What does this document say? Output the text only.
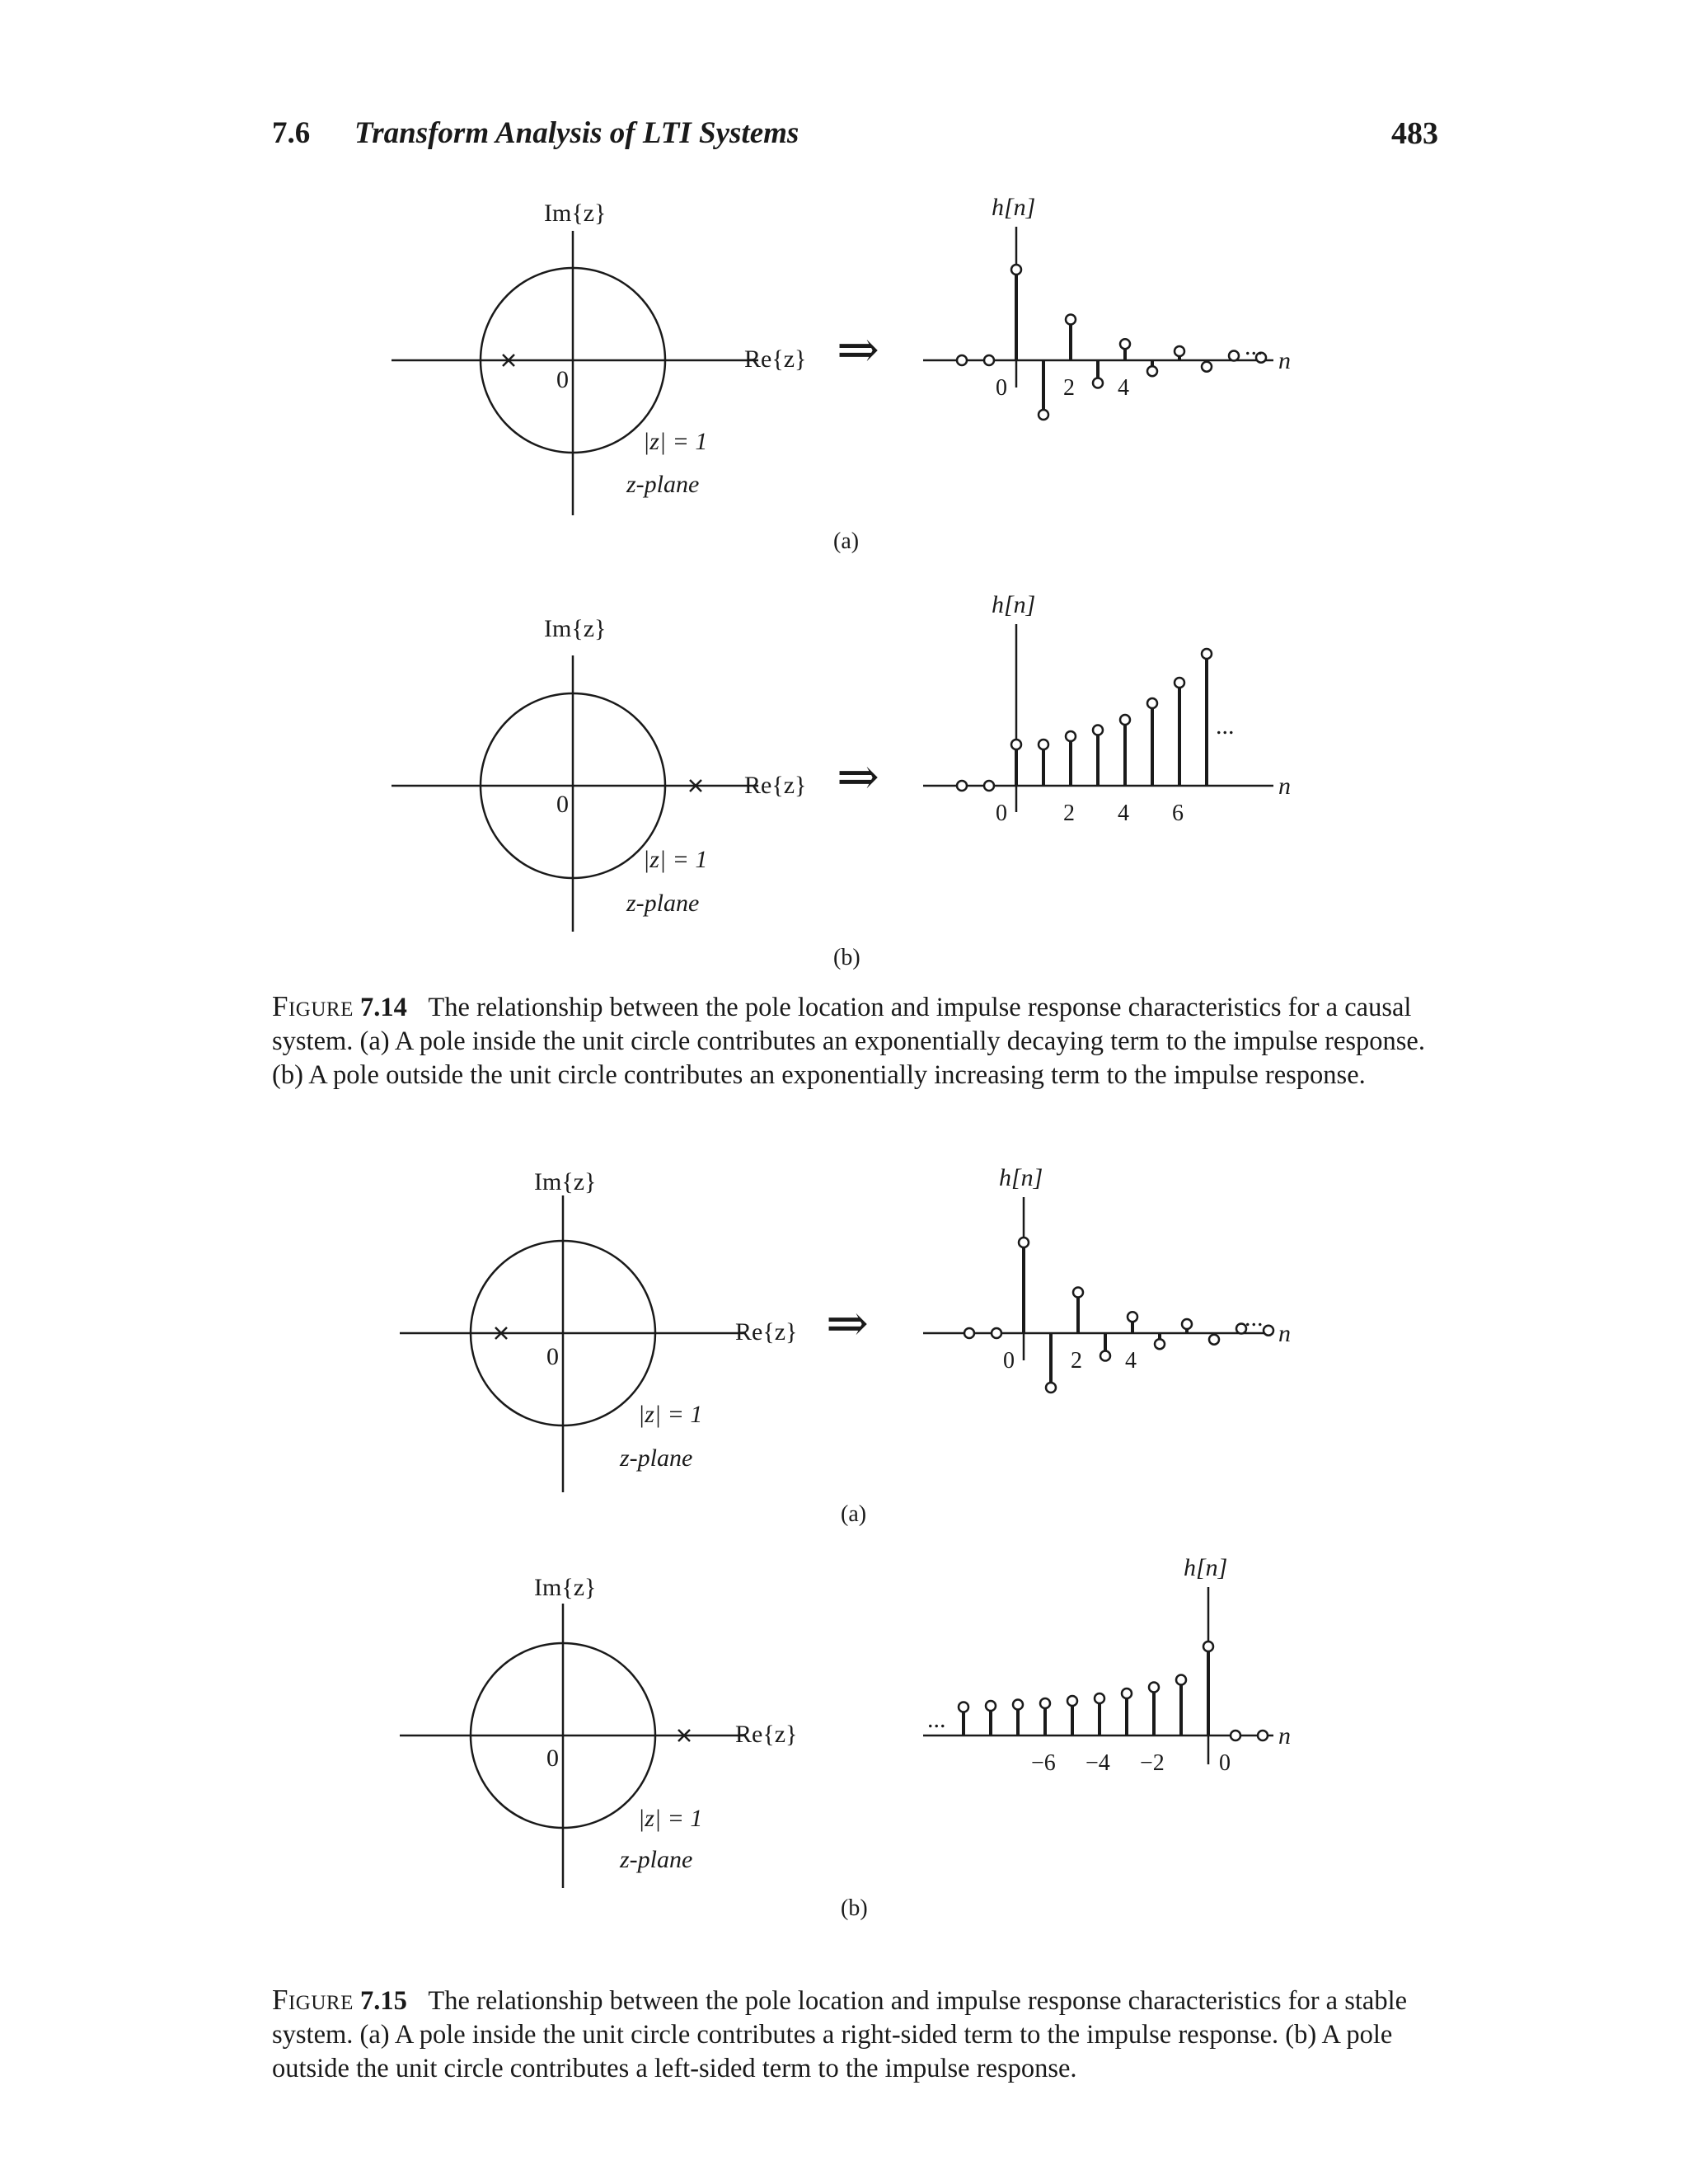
7.6 Transform Analysis of LTI Systems	483
Im{z}
0
Re{z}
|z| = 1
z-plane
⇒
h[n]
n
0 2 4
...
(a)
Im{z}
0
Re{z}
|z| = 1
z-plane
⇒
h[n]
n
0 2 4 6
...
(b)
Figure 7.14 The relationship between the pole location and impulse response characteristics for a causal system. (a) A pole inside the unit circle contributes an exponentially decaying term to the impulse response. (b) A pole outside the unit circle contributes an exponentially increasing term to the impulse response.
Im{z}
0
Re{z}
|z| = 1
z-plane
⇒
h[n]
n
0 2 4
...
(a)
Im{z}
0
Re{z}
|z| = 1
z-plane
h[n]
n
−6 −4 −2 0
...
(b)
Figure 7.15 The relationship between the pole location and impulse response characteristics for a stable system. (a) A pole inside the unit circle contributes a right-sided term to the impulse response. (b) A pole outside the unit circle contributes a left-sided term to the impulse response.
